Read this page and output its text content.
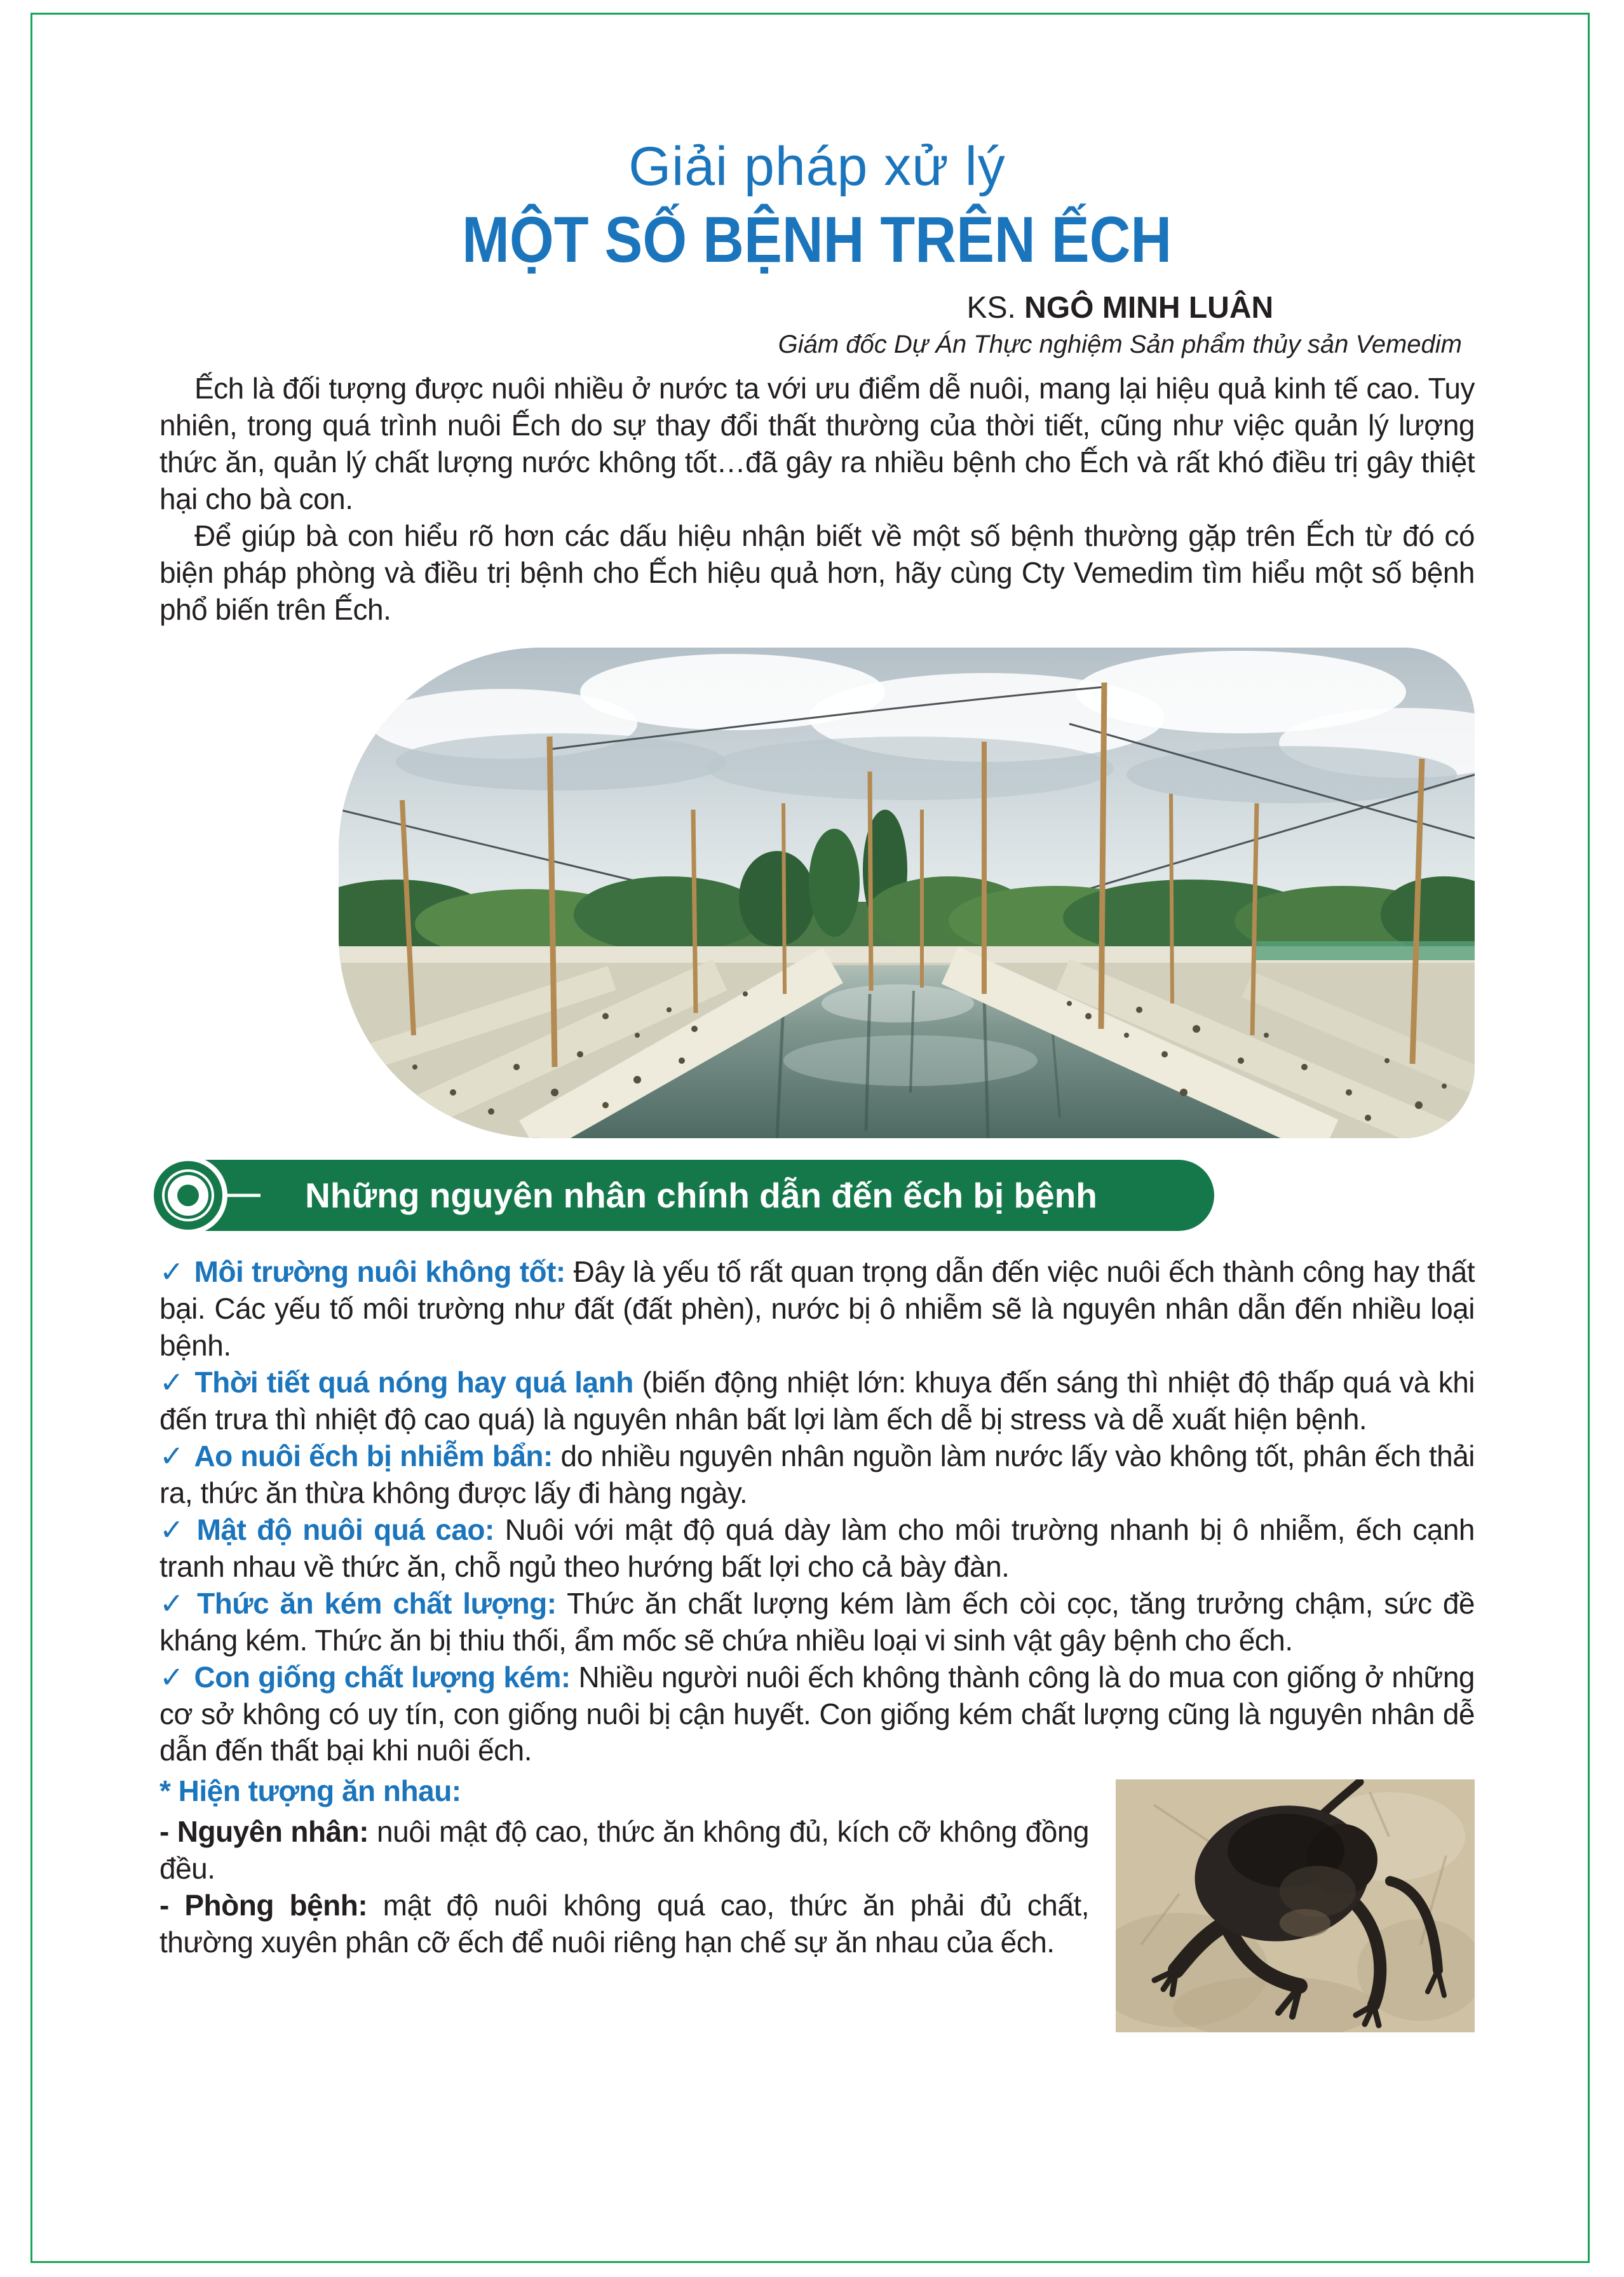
Giải pháp xử lý
MỘT SỐ BỆNH TRÊN ẾCH
KS. NGÔ MINH LUÂN
Giám đốc Dự Án Thực nghiệm Sản phẩm thủy sản Vemedim

Ếch là đối tượng được nuôi nhiều ở nước ta với ưu điểm dễ nuôi, mang lại hiệu quả kinh tế cao. Tuy nhiên, trong quá trình nuôi Ếch do sự thay đổi thất thường của thời tiết, cũng như việc quản lý lượng thức ăn, quản lý chất lượng nước không tốt…đã gây ra nhiều bệnh cho Ếch và rất khó điều trị gây thiệt hại cho bà con.

Để giúp bà con hiểu rõ hơn các dấu hiệu nhận biết về một số bệnh thường gặp trên Ếch từ đó có biện pháp phòng và điều trị bệnh cho Ếch hiệu quả hơn, hãy cùng Cty Vemedim tìm hiểu một số bệnh phổ biến trên Ếch.

Những nguyên nhân chính dẫn đến ếch bị bệnh

✓ Môi trường nuôi không tốt: Đây là yếu tố rất quan trọng dẫn đến việc nuôi ếch thành công hay thất bại. Các yếu tố môi trường như đất (đất phèn), nước bị ô nhiễm sẽ là nguyên nhân dẫn đến nhiều loại bệnh.

✓ Thời tiết quá nóng hay quá lạnh (biến động nhiệt lớn: khuya đến sáng thì nhiệt độ thấp quá và khi đến trưa thì nhiệt độ cao quá) là nguyên nhân bất lợi làm ếch dễ bị stress và dễ xuất hiện bệnh.

✓ Ao nuôi ếch bị nhiễm bẩn: do nhiều nguyên nhân nguồn làm nước lấy vào không tốt, phân ếch thải ra, thức ăn thừa không được lấy đi hàng ngày.

✓ Mật độ nuôi quá cao: Nuôi với mật độ quá dày làm cho môi trường nhanh bị ô nhiễm, ếch cạnh tranh nhau về thức ăn, chỗ ngủ theo hướng bất lợi cho cả bày đàn.

✓ Thức ăn kém chất lượng: Thức ăn chất lượng kém làm ếch còi cọc, tăng trưởng chậm, sức đề kháng kém. Thức ăn bị thiu thối, ẩm mốc sẽ chứa nhiều loại vi sinh vật gây bệnh cho ếch.

✓ Con giống chất lượng kém: Nhiều người nuôi ếch không thành công là do mua con giống ở những cơ sở không có uy tín, con giống nuôi bị cận huyết. Con giống kém chất lượng cũng là nguyên nhân dễ dẫn đến thất bại khi nuôi ếch.

* Hiện tượng ăn nhau:

- Nguyên nhân: nuôi mật độ cao, thức ăn không đủ, kích cỡ không đồng đều.

- Phòng bệnh: mật độ nuôi không quá cao, thức ăn phải đủ chất, thường xuyên phân cỡ ếch để nuôi riêng hạn chế sự ăn nhau của ếch.
